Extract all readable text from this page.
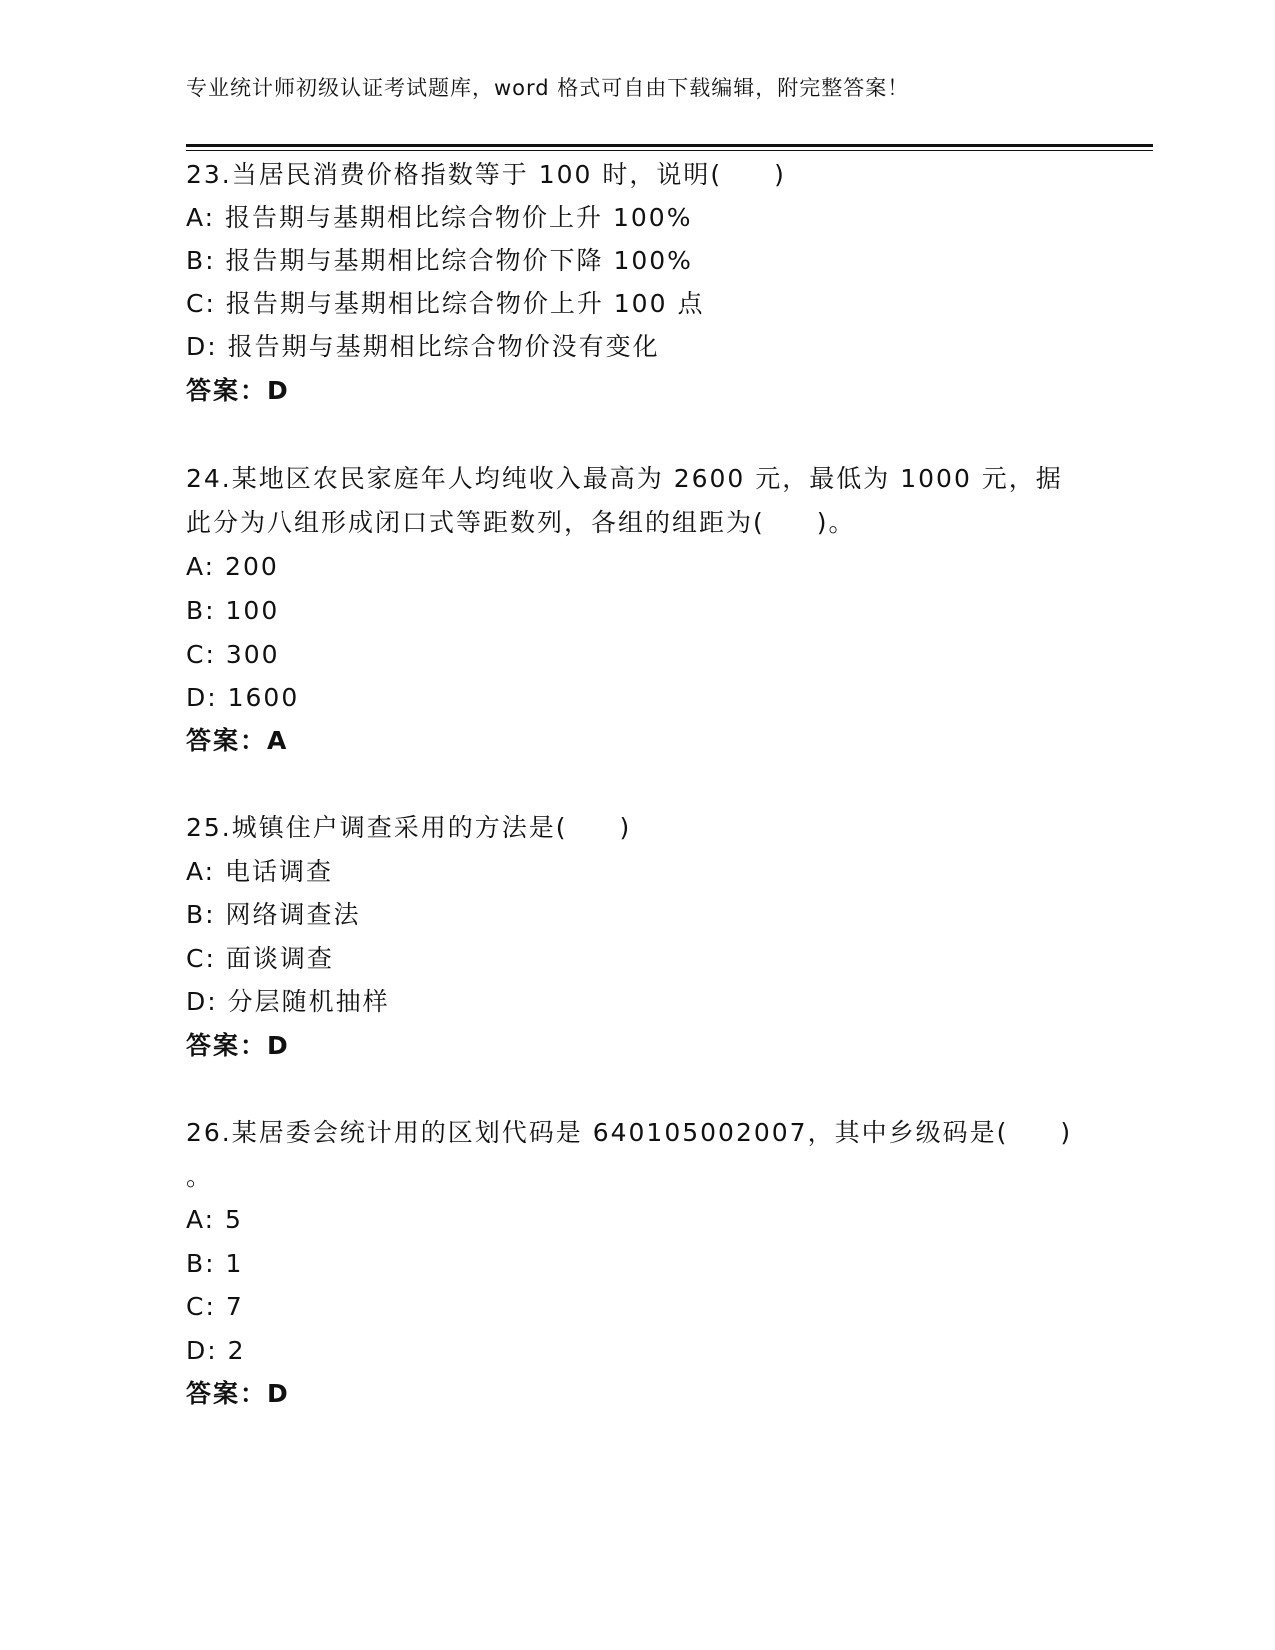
专业统计师初级认证考试题库，word 格式可自由下载编辑，附完整答案！
23.当居民消费价格指数等于 100 时，说明( )
A: 报告期与基期相比综合物价上升 100%
B: 报告期与基期相比综合物价下降 100%
C: 报告期与基期相比综合物价上升 100 点
D: 报告期与基期相比综合物价没有变化
答案：D
24.某地区农民家庭年人均纯收入最高为 2600 元，最低为 1000 元，据
此分为八组形成闭口式等距数列，各组的组距为( )。
A: 200
B: 100
C: 300
D: 1600
答案：A
25.城镇住户调查采用的方法是( )
A: 电话调查
B: 网络调查法
C: 面谈调查
D: 分层随机抽样
答案：D
26.某居委会统计用的区划代码是 640105002007，其中乡级码是( )
。
A: 5
B: 1
C: 7
D: 2
答案：D
